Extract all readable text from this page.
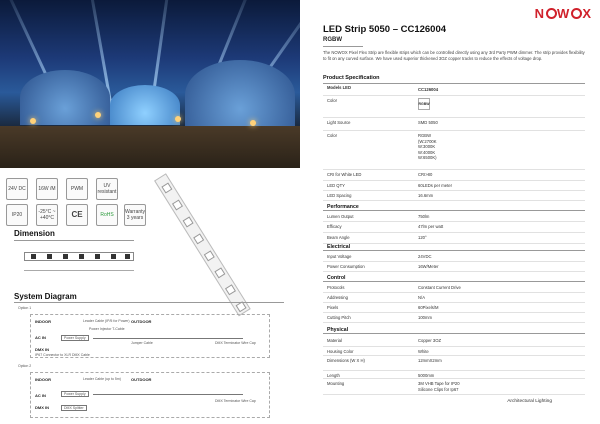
24V DC	16W /M	PWM	UV resistant
IP20	-25°C ~ +40°C	CE	RoHS Warranty 3 years
Dimension
System Diagram
Option 1
INDOOR	OUTDOOR
Leader Cable (IP/5 for Power)
Power Injector T-Cable
AC IN	Power Supply
Jumper Cable	DMX Terminator Wire Cap
DMX IN
IP67 Connector to XLR DMX Cable
Option 2
INDOOR	OUTDOOR
Leader Cable (up to 5m)
AC IN	Power Supply
DMX Terminator Wire Cap
DMX IN	DMX Splitter
N W X
LED Strip 5050 – CC126004
RGBW
The NOWOX Pixel Flex Strip are flexible strips which can be controlled directly using any 3rd Party PWM dimmer. The strip provides flexibility to fit on any curved surface. We have used superior thickened 3OZ copper tracks to reduce the effects of voltage drop.
Product Specification
Models LED	CC126004
RGBW
Architectural Lighting
Color
Light Source	SMD 5050
Color	RGBW
(W:2700K
W:3000K
W:4000K
W:6500K)
CRI for White LED	CRI>80
LED QTY	60LEDs per meter
LED Spacing	16.6mm
Performance
Lumen Output	750lm
Efficacy	47lm per watt
Beam Angle	120°
Electrical
Input Voltage	24VDC
Power Consumption	16W/Meter
Control
Protocols	Constant Current Drive
Addressing	N/A
Pixels	60Pixels/M
Cutting Pitch	100mm
Physical
Material	Copper 3OZ
Housing Color	White
Dimensions (W X H)	12mmX2mm
Length	5000mm
Mounting	3M VHB Tape for IP20
Silicone Clips for Ip67
